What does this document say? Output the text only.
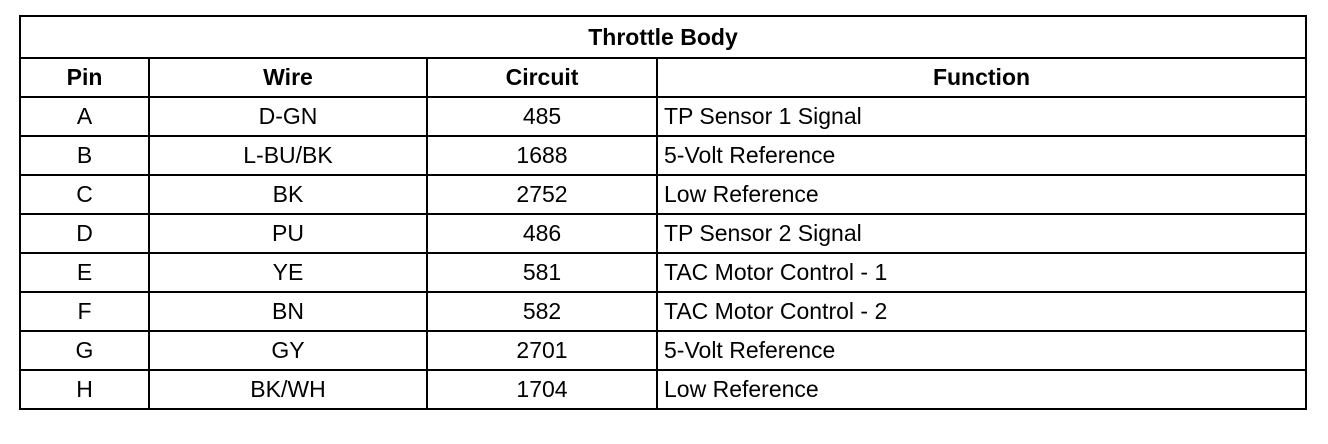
Throttle Body			
Pin	Wire	Circuit	Function
A	D-GN	485	TP Sensor 1 Signal
B	L-BU/BK	1688	5-Volt Reference
C	BK	2752	Low Reference
D	PU	486	TP Sensor 2 Signal
E	YE	581	TAC Motor Control - 1
F	BN	582	TAC Motor Control - 2
G	GY	2701	5-Volt Reference
H	BK/WH	1704	Low Reference
